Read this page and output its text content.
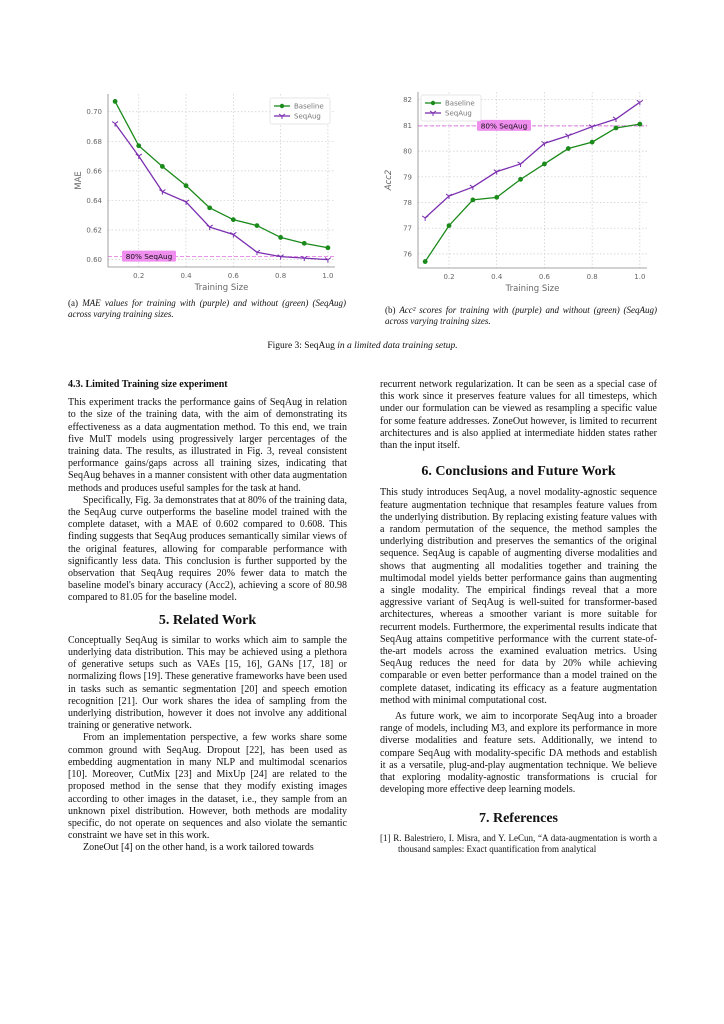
0.2	0.4	0.6	0.8	1.0
0.60
0.62
0.64
0.66
0.68
0.70
Training Size
MAE
80% SeqAug
Baseline
SeqAug
0.2	0.4	0.6	0.8	1.0
76
77
78
79
80
81
82
Training Size
Acc2
80% SeqAug
Baseline
SeqAug
(a) MAE values for training with (purple) and without (green) (SeqAug) across varying training sizes.	(b) Acc² scores for training with (purple) and without (green) (SeqAug) across varying training sizes.
Figure 3: SeqAug in a limited data training setup.
4.3. Limited Training size experiment

This experiment tracks the performance gains of SeqAug in relation to the size of the training data, with the aim of demonstrating its effectiveness as a data augmentation method. To this end, we train five MulT models using progressively larger percentages of the training data. The results, as illustrated in Fig. 3, reveal consistent performance gains/gaps across all training sizes, indicating that SeqAug behaves in a manner consistent with other data augmentation methods and produces useful samples for the task at hand.

Specifically, Fig. 3a demonstrates that at 80% of the training data, the SeqAug curve outperforms the baseline model trained with the complete dataset, with a MAE of 0.602 compared to 0.608. This finding suggests that SeqAug produces semantically similar views of the original features, allowing for comparable performance with significantly less data. This conclusion is further supported by the observation that SeqAug requires 20% fewer data to match the baseline model's binary accuracy (Acc2), achieving a score of 80.98 compared to 81.05 for the baseline model.

5. Related Work

Conceptually SeqAug is similar to works which aim to sample the underlying data distribution. This may be achieved using a plethora of generative setups such as VAEs [15, 16], GANs [17, 18] or normalizing flows [19]. These generative frameworks have been used in tasks such as semantic segmentation [20] and speech emotion recognition [21]. Our work shares the idea of sampling from the underlying distribution, however it does not involve any additional training or generative network.

From an implementation perspective, a few works share some common ground with SeqAug. Dropout [22], has been used as embedding augmentation in many NLP and multimodal scenarios [10]. Moreover, CutMix [23] and MixUp [24] are related to the proposed method in the sense that they modify existing images according to other images in the dataset, i.e., they sample from an unknown pixel distribution. However, both methods are modality specific, do not operate on sequences and also violate the semantic constraint we have set in this work.

ZoneOut [4] on the other hand, is a work tailored towards

recurrent network regularization. It can be seen as a special case of this work since it preserves feature values for all timesteps, which under our formulation can be viewed as resampling a specific value for some feature addresses. ZoneOut however, is limited to recurrent architectures and is also applied at intermediate hidden states rather than the input itself.

6. Conclusions and Future Work

This study introduces SeqAug, a novel modality-agnostic sequence feature augmentation technique that resamples feature values from the underlying distribution. By replacing existing feature values with a random permutation of the sequence, the method samples the underlying distribution and preserves the semantics of the original sequence. SeqAug is capable of augmenting diverse modalities and shows that augmenting all modalities together and training the multimodal model yields better performance gains than augmenting a single modality. The empirical findings reveal that a more aggressive variant of SeqAug is well-suited for transformer-based architectures, whereas a smoother variant is more suitable for recurrent models. Furthermore, the experimental results indicate that SeqAug attains competitive performance with the current state-of-the-art models across the examined evaluation metrics. Using SeqAug reduces the need for data by 20% while achieving comparable or even better performance than a model trained on the complete dataset, indicating its efficacy as a feature augmentation method with minimal computational cost.

As future work, we aim to incorporate SeqAug into a broader range of models, including M3, and explore its performance in more diverse modalities and feature sets. Additionally, we intend to compare SeqAug with modality-specific DA methods and establish it as a versatile, plug-and-play augmentation technique. We believe that exploring modality-agnostic transformations is crucial for developing more effective deep learning models.

7. References
[1] R. Balestriero, I. Misra, and Y. LeCun, “A data-augmentation is worth a thousand samples: Exact quantification from analytical
